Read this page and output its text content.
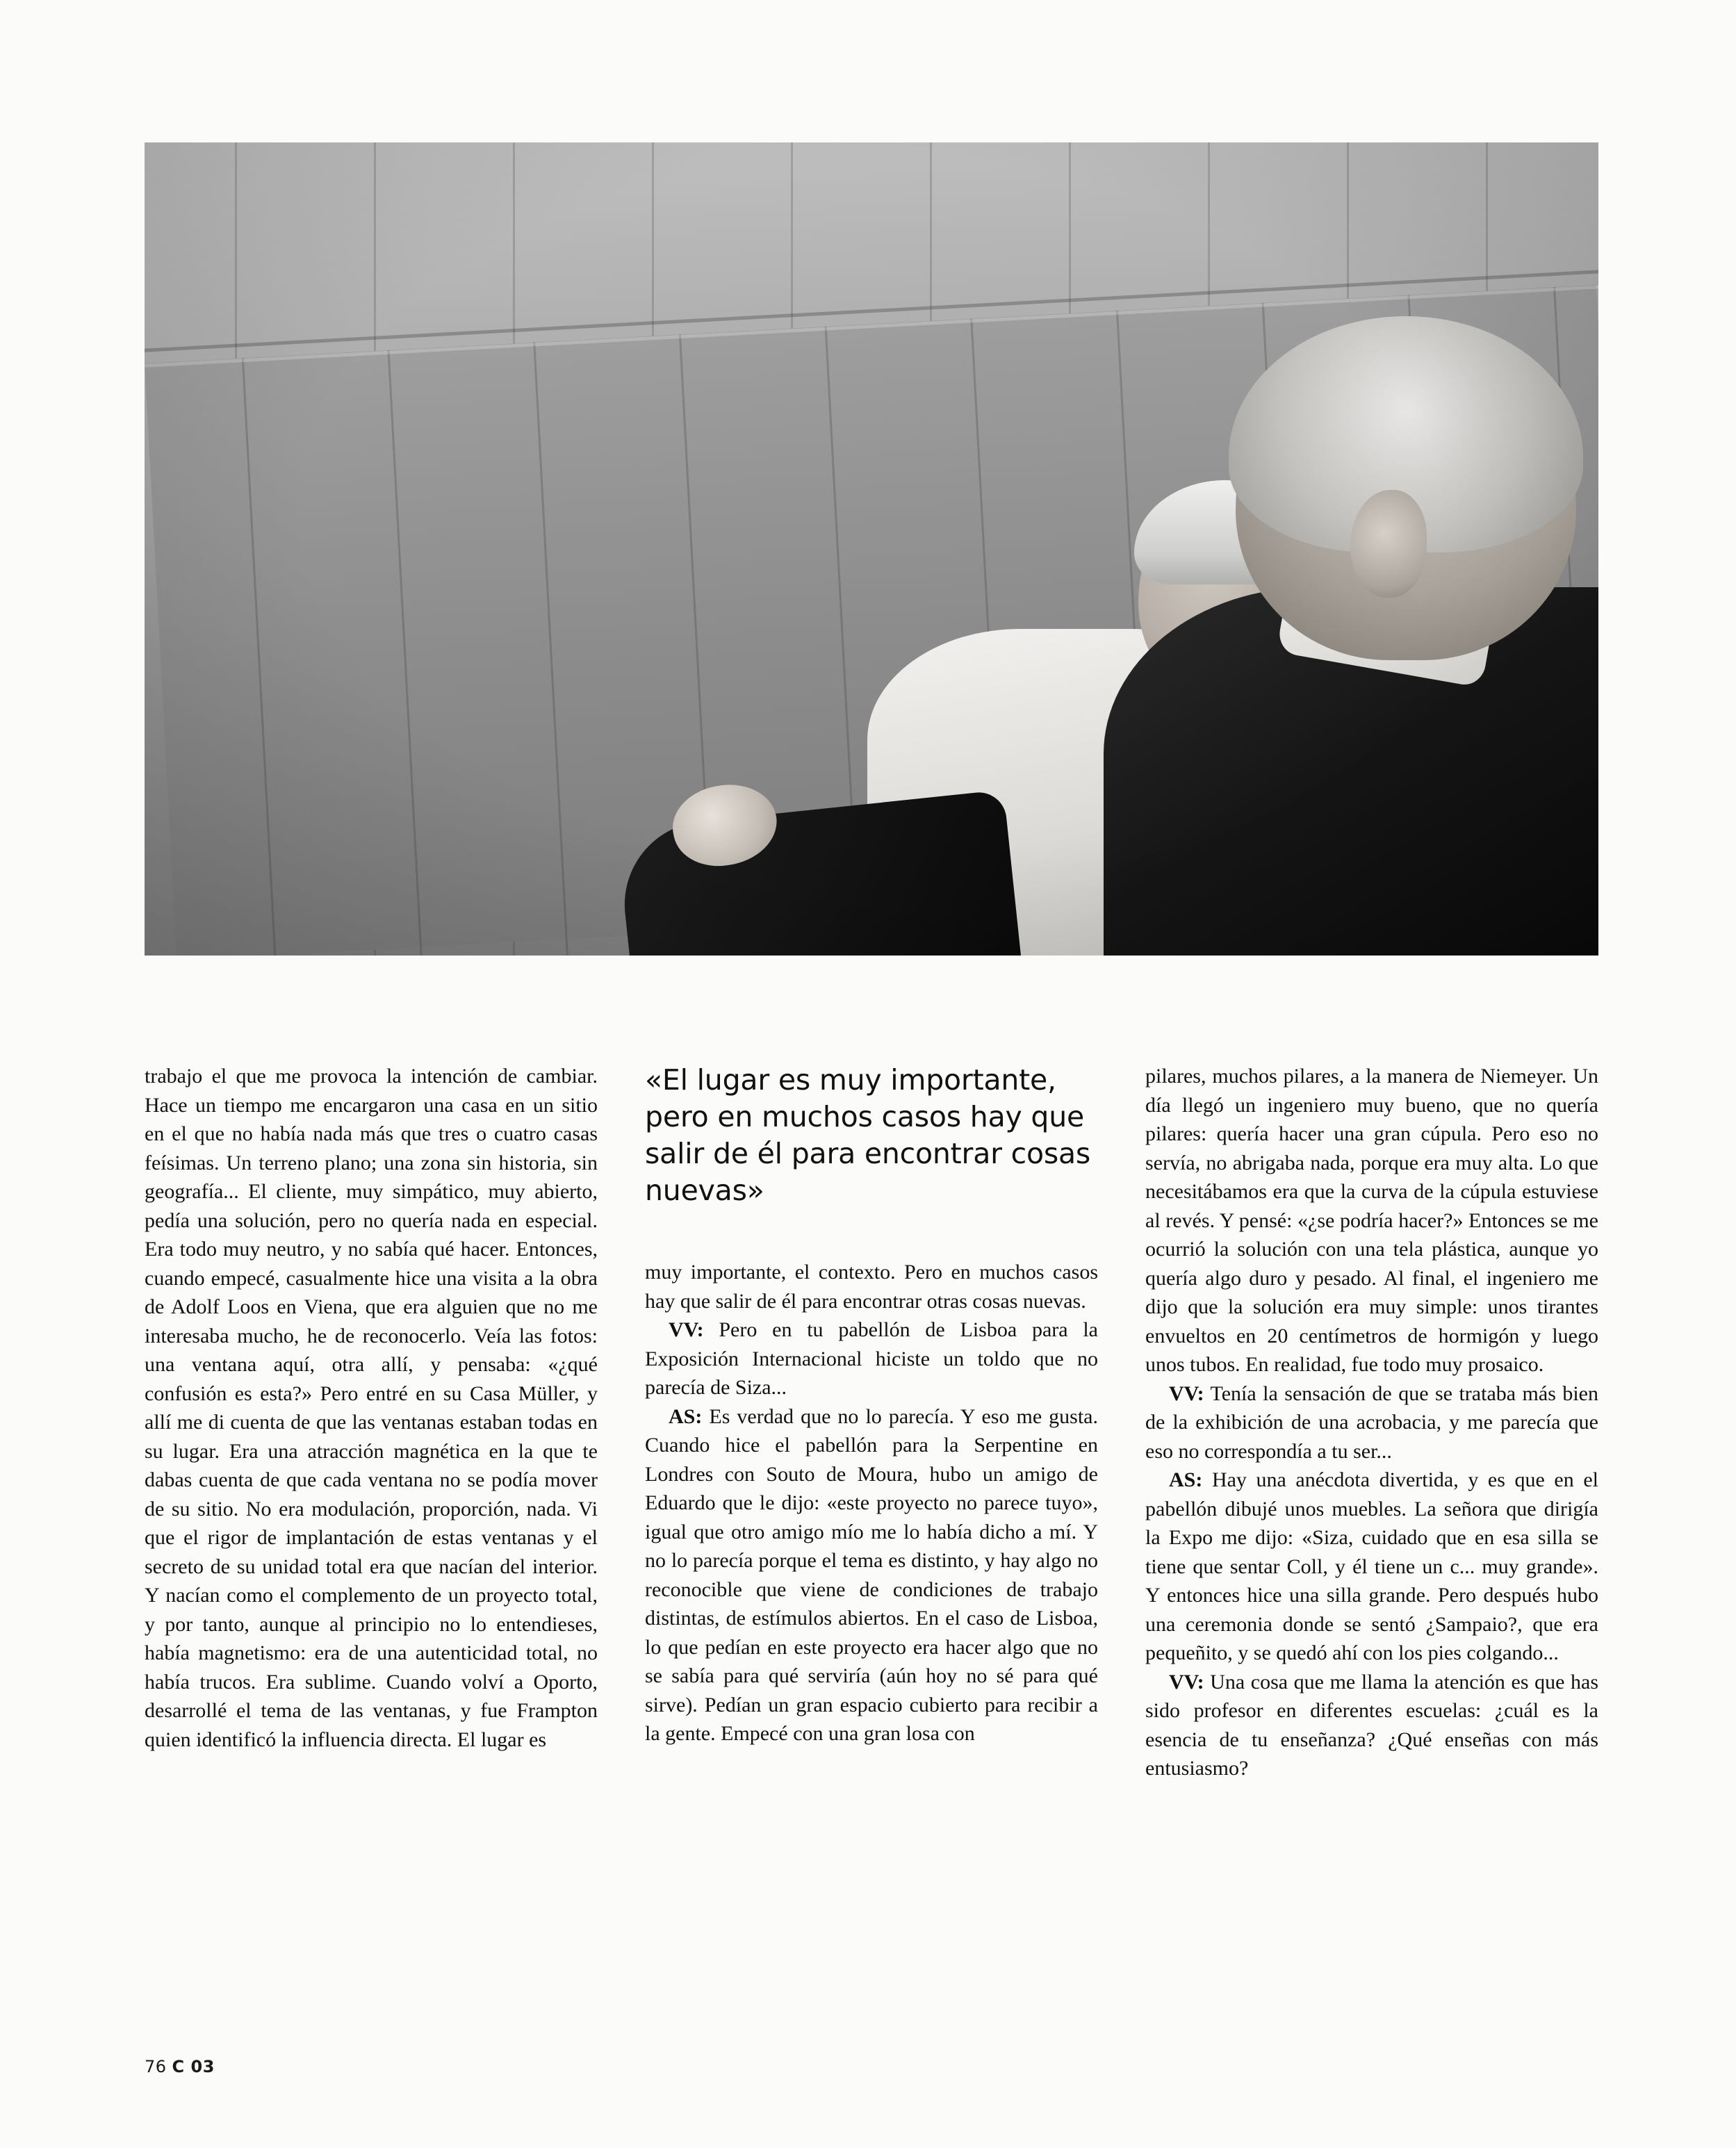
trabajo el que me provoca la intención de cambiar. Hace un tiempo me encargaron una casa en un sitio en el que no había nada más que tres o cuatro casas feísimas. Un terreno plano; una zona sin historia, sin geografía... El cliente, muy simpático, muy abierto, pedía una solución, pero no quería nada en especial. Era todo muy neutro, y no sabía qué hacer. Entonces, cuando empecé, casualmente hice una visita a la obra de Adolf Loos en Viena, que era alguien que no me interesaba mucho, he de reconocerlo. Veía las fotos: una ventana aquí, otra allí, y pensaba: «¿qué confusión es esta?» Pero entré en su Casa Müller, y allí me di cuenta de que las ventanas estaban todas en su lugar. Era una atracción magnética en la que te dabas cuenta de que cada ventana no se podía mover de su sitio. No era modulación, proporción, nada. Vi que el rigor de implantación de estas ventanas y el secreto de su unidad total era que nacían del interior. Y nacían como el complemento de un proyecto total, y por tanto, aunque al principio no lo entendieses, había magnetismo: era de una autenticidad total, no había trucos. Era sublime. Cuando volví a Oporto, desarrollé el tema de las ventanas, y fue Frampton quien identificó la influencia directa. El lugar es

«El lugar es muy importante, pero en muchos casos hay que salir de él para encontrar cosas nuevas»

muy importante, el contexto. Pero en muchos casos hay que salir de él para encontrar otras cosas nuevas.

VV: Pero en tu pabellón de Lisboa para la Exposición Internacional hiciste un toldo que no parecía de Siza...

AS: Es verdad que no lo parecía. Y eso me gusta. Cuando hice el pabellón para la Serpentine en Londres con Souto de Moura, hubo un amigo de Eduardo que le dijo: «este proyecto no parece tuyo», igual que otro amigo mío me lo había dicho a mí. Y no lo parecía porque el tema es distinto, y hay algo no reconocible que viene de condiciones de trabajo distintas, de estímulos abiertos. En el caso de Lisboa, lo que pedían en este proyecto era hacer algo que no se sabía para qué serviría (aún hoy no sé para qué sirve). Pedían un gran espacio cubierto para recibir a la gente. Empecé con una gran losa con

pilares, muchos pilares, a la manera de Niemeyer. Un día llegó un ingeniero muy bueno, que no quería pilares: quería hacer una gran cúpula. Pero eso no servía, no abrigaba nada, porque era muy alta. Lo que necesitábamos era que la curva de la cúpula estuviese al revés. Y pensé: «¿se podría hacer?» Entonces se me ocurrió la solución con una tela plástica, aunque yo quería algo duro y pesado. Al final, el ingeniero me dijo que la solución era muy simple: unos tirantes envueltos en 20 centímetros de hormigón y luego unos tubos. En realidad, fue todo muy prosaico.

VV: Tenía la sensación de que se trataba más bien de la exhibición de una acrobacia, y me parecía que eso no correspondía a tu ser...

AS: Hay una anécdota divertida, y es que en el pabellón dibujé unos muebles. La señora que dirigía la Expo me dijo: «Siza, cuidado que en esa silla se tiene que sentar Coll, y él tiene un c... muy grande». Y entonces hice una silla grande. Pero después hubo una ceremonia donde se sentó ¿Sampaio?, que era pequeñito, y se quedó ahí con los pies colgando...

VV: Una cosa que me llama la atención es que has sido profesor en diferentes escuelas: ¿cuál es la esencia de tu enseñanza? ¿Qué enseñas con más entusiasmo?

76 C 03
